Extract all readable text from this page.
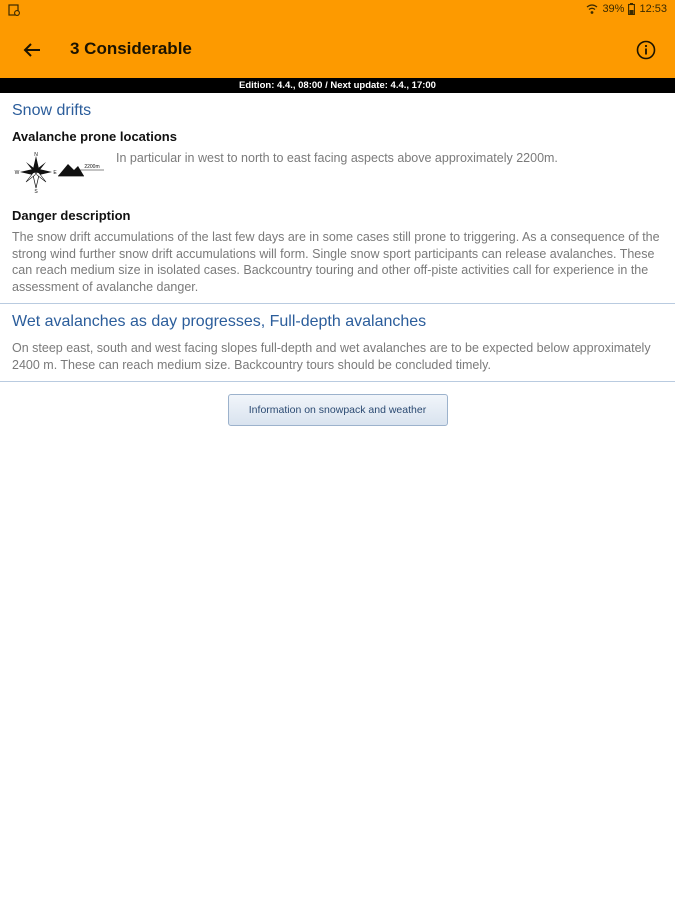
39% 12:53
3 Considerable
Edition: 4.4., 08:00 / Next update: 4.4., 17:00
Snow drifts
Avalanche prone locations
N
S
E
W
2200m
In particular in west to north to east facing aspects above approximately 2200m.
Danger description
The snow drift accumulations of the last few days are in some cases still prone to triggering. As a consequence of the strong wind further snow drift accumulations will form. Single snow sport participants can release avalanches. These can reach medium size in isolated cases. Backcountry touring and other off-piste activities call for experience in the assessment of avalanche danger.
Wet avalanches as day progresses, Full-depth avalanches
On steep east, south and west facing slopes full-depth and wet avalanches are to be expected below approximately 2400 m. These can reach medium size. Backcountry tours should be concluded timely.
Information on snowpack and weather
